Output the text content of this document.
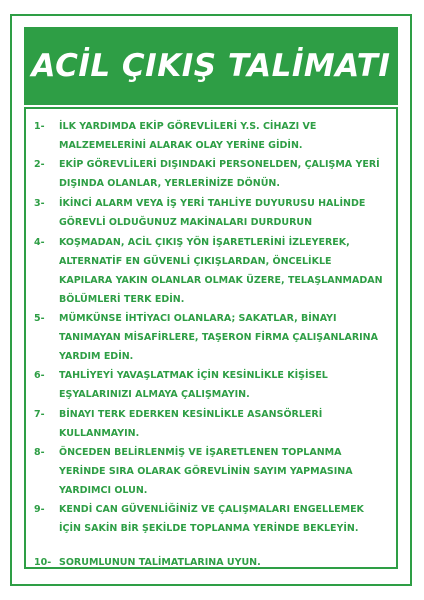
ACİL ÇIKIŞ TALİMATI
1-	İLK YARDIMDA EKİP GÖREVLİLERİ Y.S. CİHAZI VE MALZEMELERİNİ ALARAK OLAY YERİNE GİDİN.
2-	EKİP GÖREVLİLERİ DIŞINDAKİ PERSONELDEN, ÇALIŞMA YERİ DIŞINDA OLANLAR, YERLERİNİZE DÖNÜN.
3-	İKİNCİ ALARM VEYA İŞ YERİ TAHLİYE DUYURUSU HALİNDE GÖREVLİ OLDUĞUNUZ MAKİNALARI DURDURUN
4-	KOŞMADAN, ACİL ÇIKIŞ YÖN İŞARETLERİNİ İZLEYEREK, ALTERNATİF EN GÜVENLİ ÇIKIŞLARDAN, ÖNCELİKLE KAPILARA YAKIN OLANLAR OLMAK ÜZERE, TELAŞLANMADAN BÖLÜMLERİ TERK EDİN.
5-	MÜMKÜNSE İHTİYACI OLANLARA; SAKATLAR, BİNAYI TANIMAYAN MİSAFİRLERE, TAŞERON FİRMA ÇALIŞANLARINA YARDIM EDİN.
6-	TAHLİYEYİ YAVAŞLATMAK İÇİN KESİNLİKLE KİŞİSEL EŞYALARINIZI ALMAYA ÇALIŞMAYIN.
7-	BİNAYI TERK EDERKEN KESİNLİKLE ASANSÖRLERİ KULLANMAYIN.
8-	ÖNCEDEN BELİRLENMİŞ VE İŞARETLENEN TOPLANMA YERİNDE SIRA OLARAK GÖREVLİNİN SAYIM YAPMASINA YARDIMCI OLUN.
9-	KENDİ CAN GÜVENLİĞİNİZ VE ÇALIŞMALARI ENGELLEMEK İÇİN SAKİN BİR ŞEKİLDE TOPLANMA YERİNDE BEKLEYİN.
10- SORUMLUNUN TALİMATLARINA UYUN.
